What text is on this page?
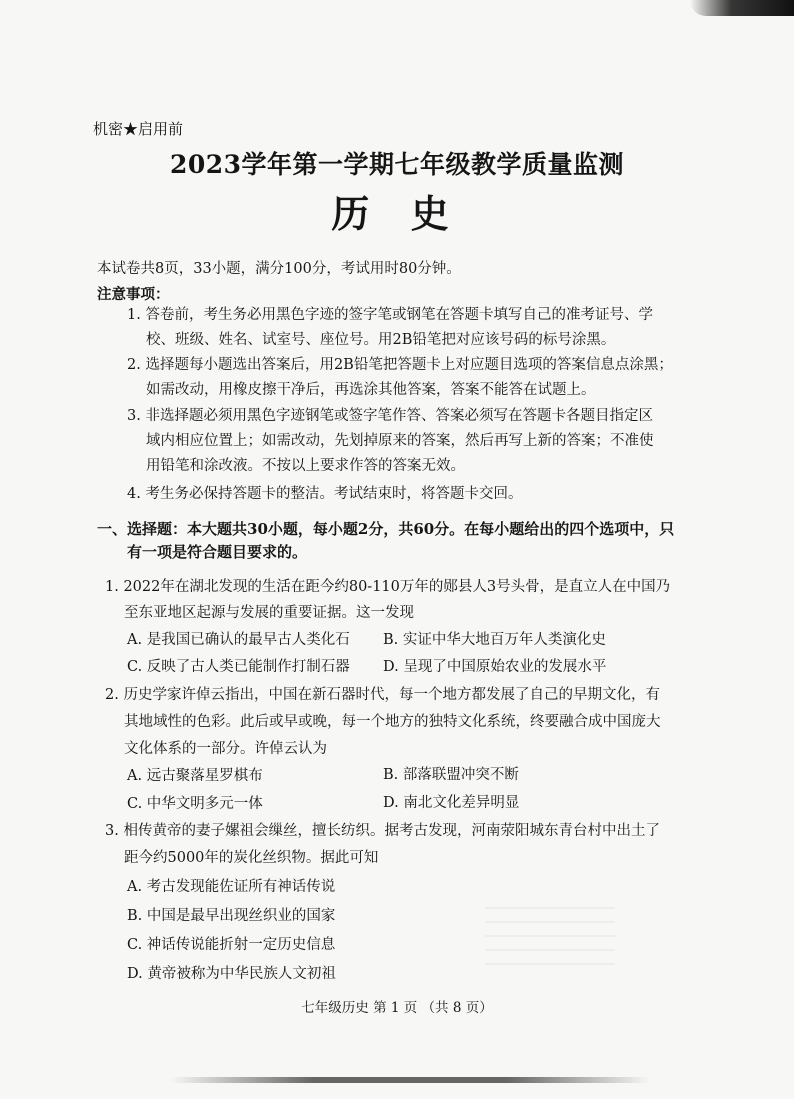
机密★启用前
2023学年第一学期七年级教学质量监测
历 史
本试卷共8页，33小题，满分100分，考试用时80分钟。
注意事项：
1. 答卷前，考生务必用黑色字迹的签字笔或钢笔在答题卡填写自己的准考证号、学
校、班级、姓名、试室号、座位号。用2B铅笔把对应该号码的标号涂黑。
2. 选择题每小题选出答案后，用2B铅笔把答题卡上对应题目选项的答案信息点涂黑；
如需改动，用橡皮擦干净后，再选涂其他答案，答案不能答在试题上。
3. 非选择题必须用黑色字迹钢笔或签字笔作答、答案必须写在答题卡各题目指定区
域内相应位置上；如需改动，先划掉原来的答案，然后再写上新的答案；不准使
用铅笔和涂改液。不按以上要求作答的答案无效。
4. 考生务必保持答题卡的整洁。考试结束时，将答题卡交回。
一、选择题：本大题共30小题，每小题2分，共60分。在每小题给出的四个选项中，只
有一项是符合题目要求的。
1. 2022年在湖北发现的生活在距今约80-110万年的郧县人3号头骨，是直立人在中国乃
至东亚地区起源与发展的重要证据。这一发现
A. 是我国已确认的最早古人类化石 B. 实证中华大地百万年人类演化史
C. 反映了古人类已能制作打制石器 D. 呈现了中国原始农业的发展水平
2. 历史学家许倬云指出，中国在新石器时代，每一个地方都发展了自己的早期文化，有
其地域性的色彩。此后或早或晚，每一个地方的独特文化系统，终要融合成中国庞大
文化体系的一部分。许倬云认为
A. 远古聚落星罗棋布	B. 部落联盟冲突不断
C. 中华文明多元一体	D. 南北文化差异明显
3. 相传黄帝的妻子嫘祖会缫丝，擅长纺织。据考古发现，河南荥阳城东青台村中出土了
距今约5000年的炭化丝织物。据此可知
A. 考古发现能佐证所有神话传说
B. 中国是最早出现丝织业的国家
C. 神话传说能折射一定历史信息
D. 黄帝被称为中华民族人文初祖
七年级历史 第 1 页 （共 8 页）
